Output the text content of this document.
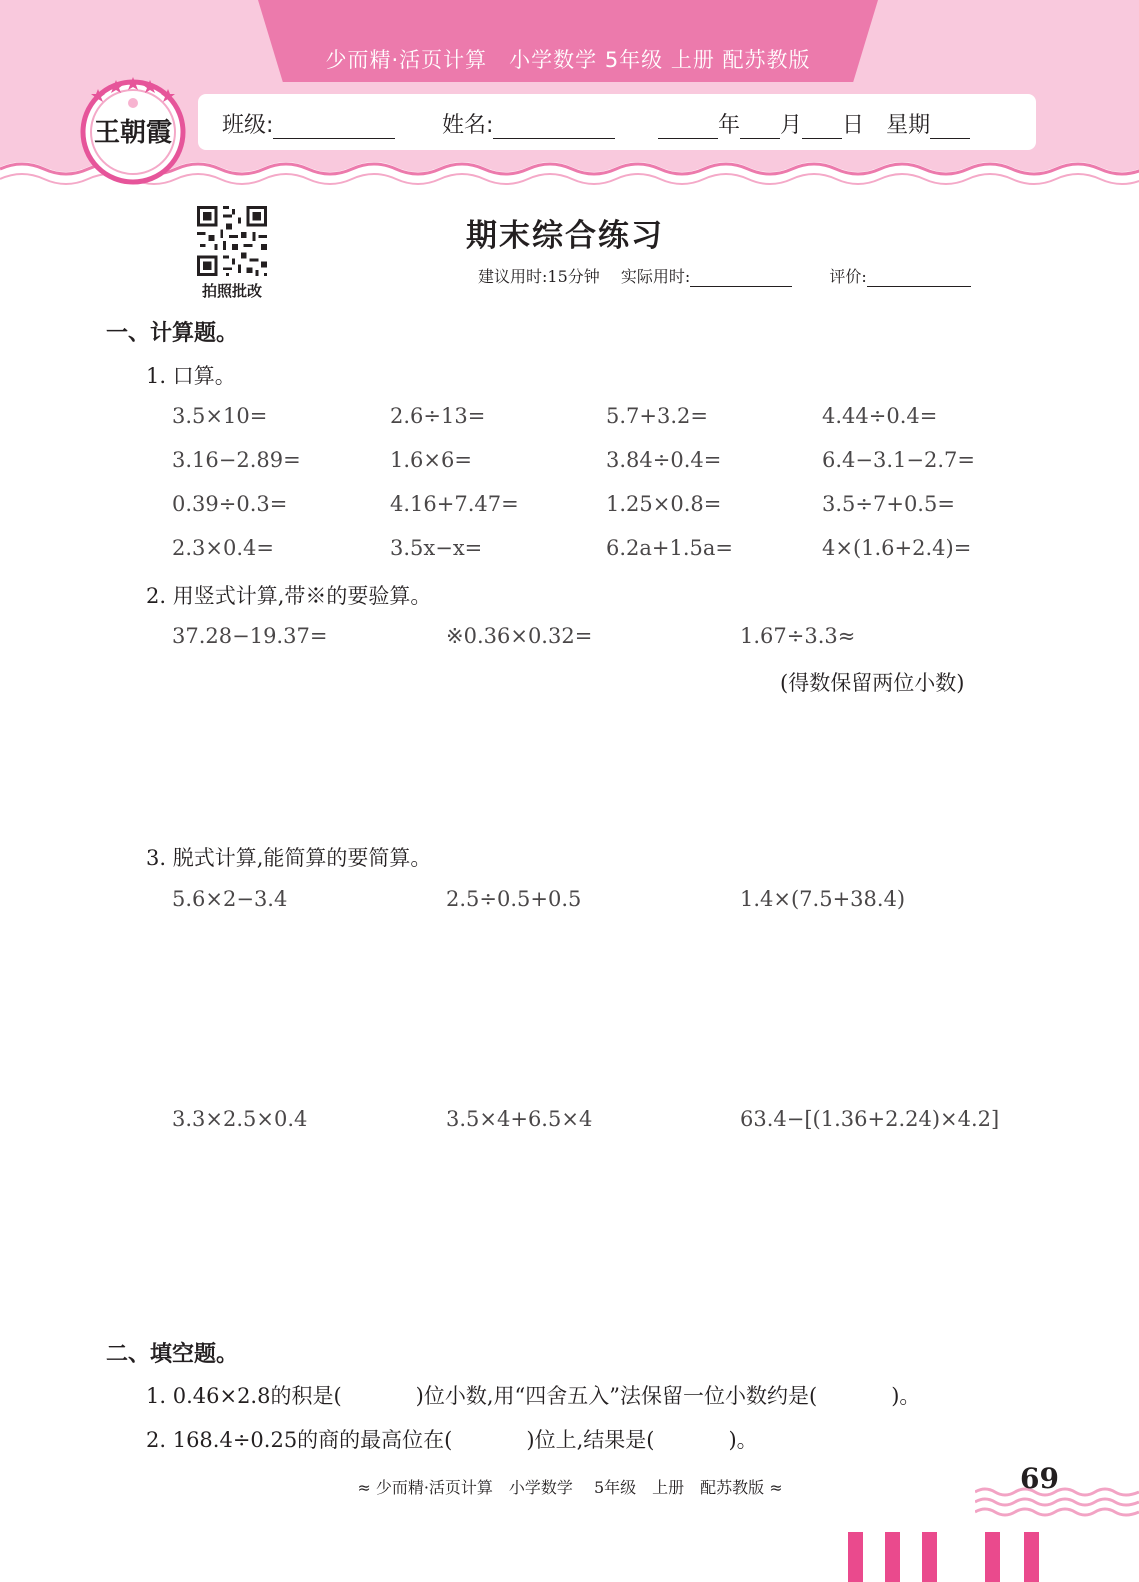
少而精·活页计算　小学数学 5年级 上册 配苏教版
班级:	姓名:	年 月 日　 星期
王朝霞
拍照批改
期末综合练习
建议用时:15分钟　 实际用时:　　	评价:
一、计算题。
1. 口算。
3.5×10=	2.6÷13=	5.7+3.2=	4.44÷0.4=
3.16−2.89=	1.6×6=	3.84÷0.4=	6.4−3.1−2.7=
0.39÷0.3=	4.16+7.47=	1.25×0.8=	3.5÷7+0.5=
2.3×0.4=	3.5x−x=	6.2a+1.5a=	4×(1.6+2.4)=
2. 用竖式计算,带※的要验算。
37.28−19.37=	※0.36×0.32=	1.67÷3.3≈
(得数保留两位小数)
3. 脱式计算,能简算的要简算。
5.6×2−3.4	2.5÷0.5+0.5	1.4×(7.5+38.4)
3.3×2.5×0.4	3.5×4+6.5×4	63.4−[(1.36+2.24)×4.2]
二、填空题。
1. 0.46×2.8的积是(	)位小数,用“四舍五入”法保留一位小数约是(	)。
2. 168.4÷0.25的商的最高位在(	)位上,结果是(	)。
≈ 少而精·活页计算　小学数学　 5年级　上册　配苏教版 ≈	69
